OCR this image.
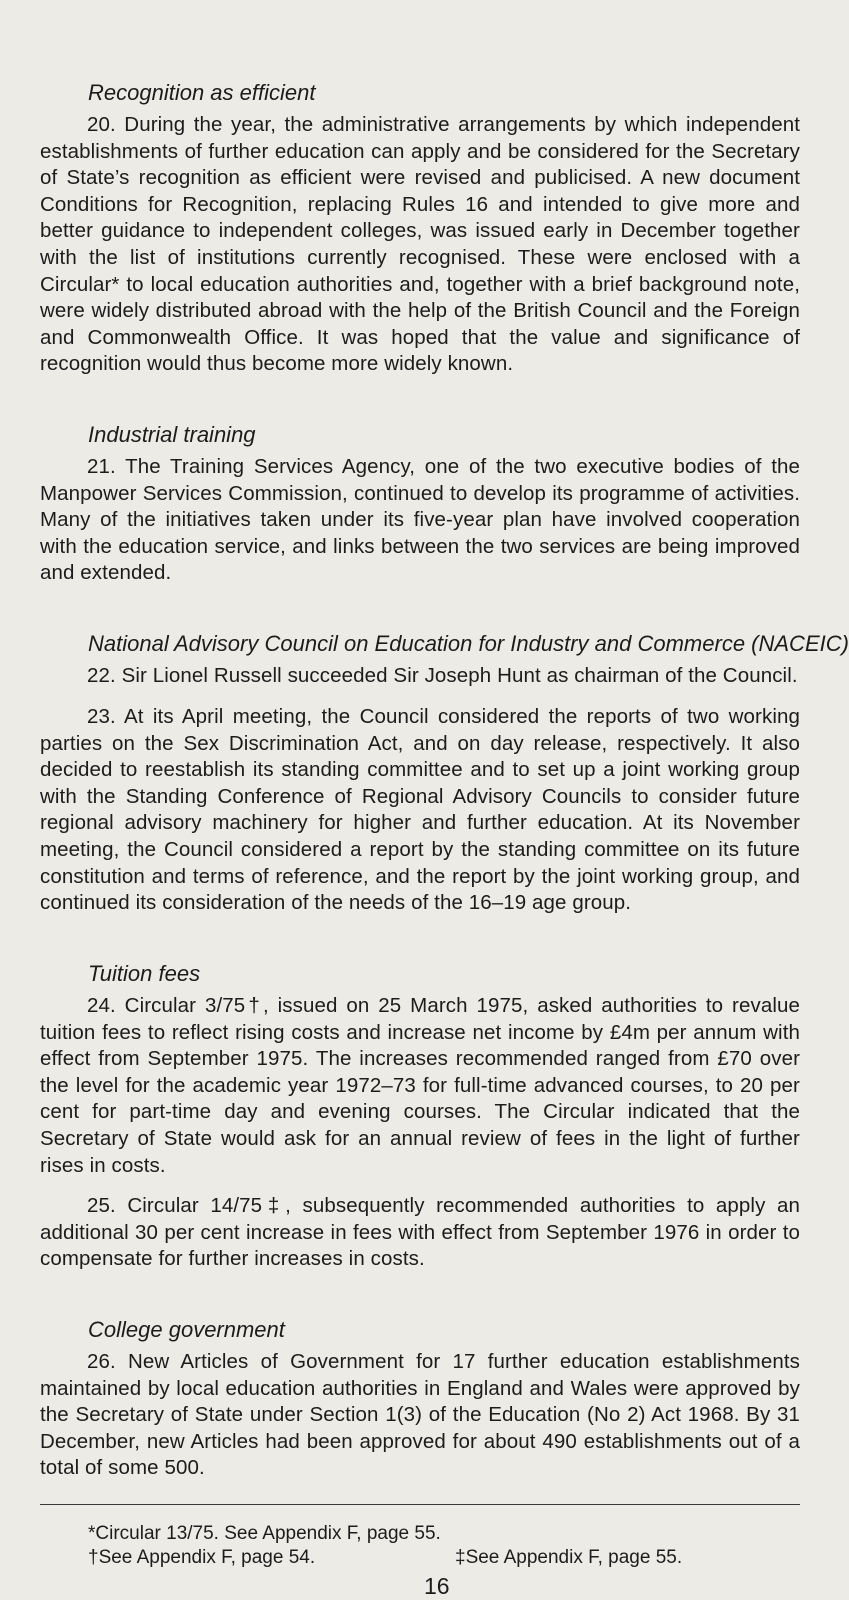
Recognition as efficient

20. During the year, the administrative arrangements by which independent establishments of further education can apply and be considered for the Secretary of State’s recognition as efficient were revised and publicised. A new document Conditions for Recognition, replacing Rules 16 and intended to give more and better guidance to independent colleges, was issued early in December together with the list of institutions currently recognised. These were enclosed with a Circular* to local education authorities and, together with a brief background note, were widely distributed abroad with the help of the British Council and the Foreign and Commonwealth Office. It was hoped that the value and significance of recognition would thus become more widely known.

Industrial training

21. The Training Services Agency, one of the two executive bodies of the Manpower Services Commission, continued to develop its programme of activities. Many of the initiatives taken under its five-year plan have involved cooperation with the education service, and links between the two services are being improved and extended.

National Advisory Council on Education for Industry and Commerce (NACEIC)

22. Sir Lionel Russell succeeded Sir Joseph Hunt as chairman of the Council.

23. At its April meeting, the Council considered the reports of two working parties on the Sex Discrimination Act, and on day release, respectively. It also decided to reestablish its standing committee and to set up a joint working group with the Standing Conference of Regional Advisory Councils to consider future regional advisory machinery for higher and further education. At its November meeting, the Council considered a report by the standing committee on its future constitution and terms of reference, and the report by the joint working group, and continued its consideration of the needs of the 16–19 age group.

Tuition fees

24. Circular 3/75†, issued on 25 March 1975, asked authorities to revalue tuition fees to reflect rising costs and increase net income by £4m per annum with effect from September 1975. The increases recommended ranged from £70 over the level for the academic year 1972–73 for full-time advanced courses, to 20 per cent for part-time day and evening courses. The Circular indicated that the Secretary of State would ask for an annual review of fees in the light of further rises in costs.

25. Circular 14/75‡, subsequently recommended authorities to apply an additional 30 per cent increase in fees with effect from September 1976 in order to compensate for further increases in costs.

College government

26. New Articles of Government for 17 further education establishments maintained by local education authorities in England and Wales were approved by the Secretary of State under Section 1(3) of the Education (No 2) Act 1968. By 31 December, new Articles had been approved for about 490 establishments out of a total of some 500.

*Circular 13/75. See Appendix F, page 55.
†See Appendix F, page 54.	‡See Appendix F, page 55.
16
